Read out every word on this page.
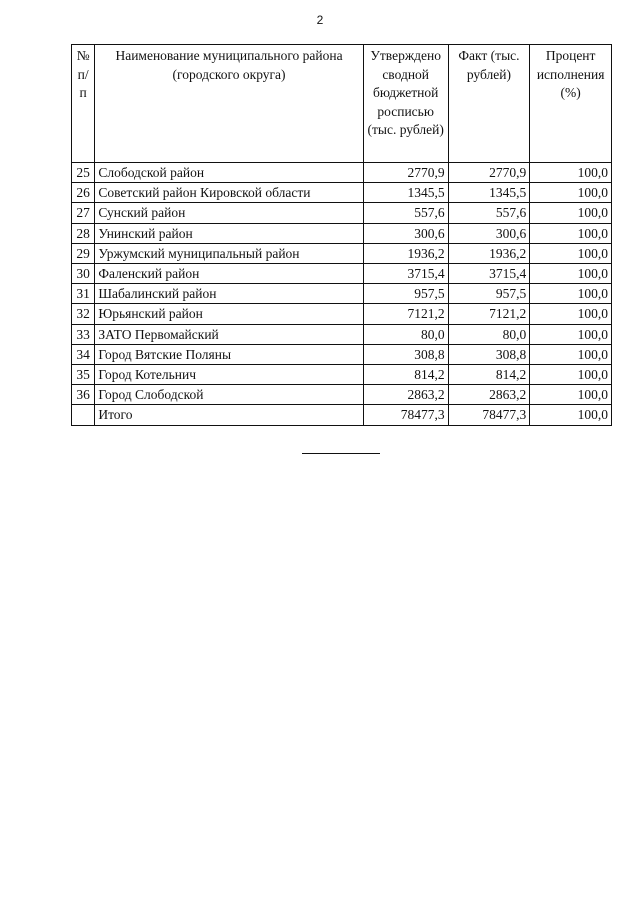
2
№ п/п	Наименование муниципального района (городского округа)	Утверждено сводной бюджетной росписью (тыс. рублей)	Факт (тыс. рублей)	Процент исполнения (%)
25	Слободской район	2770,9	2770,9	100,0
26	Советский район Кировской области	1345,5	1345,5	100,0
27	Сунский район	557,6	557,6	100,0
28	Унинский район	300,6	300,6	100,0
29	Уржумский муниципальный район	1936,2	1936,2	100,0
30	Фаленский район	3715,4	3715,4	100,0
31	Шабалинский район	957,5	957,5	100,0
32	Юрьянский район	7121,2	7121,2	100,0
33	ЗАТО Первомайский	80,0	80,0	100,0
34	Город Вятские Поляны	308,8	308,8	100,0
35	Город Котельнич	814,2	814,2	100,0
36	Город Слободской	2863,2	2863,2	100,0
	Итого	78477,3	78477,3	100,0
